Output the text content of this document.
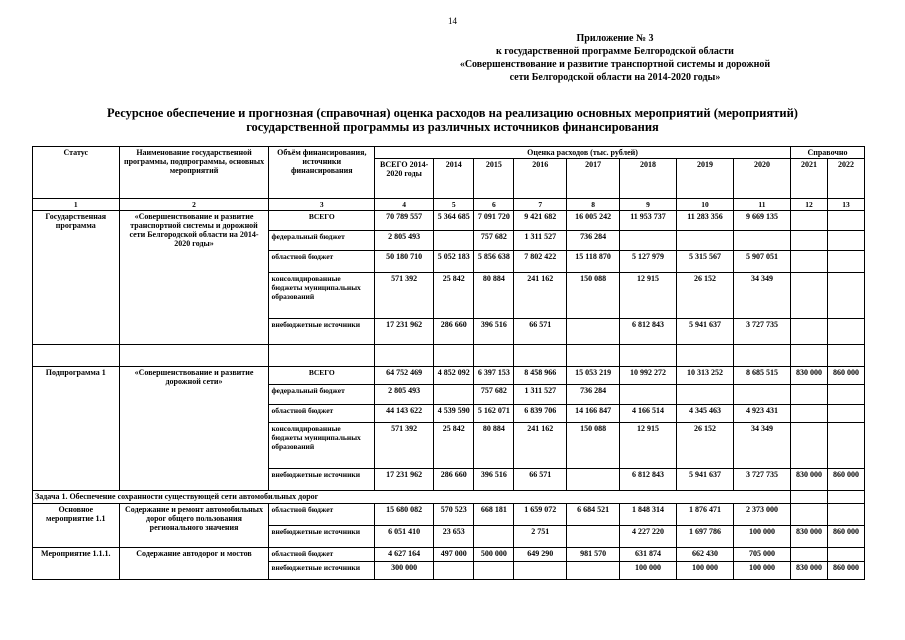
14
Приложение № 3
к государственной программе Белгородской области
«Совершенствование и развитие транспортной системы и дорожной
сети Белгородской области на 2014-2020 годы»
Ресурсное обеспечение и прогнозная (справочная) оценка расходов на реализацию основных мероприятий (мероприятий)
государственной программы из различных источников финансирования
Статус	Наименование государственной программы, подпрограммы, основных мероприятий	Объём финансирования, источники финансирования	Оценка расходов (тыс. рублей)								Справочно	
			ВСЕГО 2014-2020 годы	2014	2015	2016	2017	2018	2019	2020	2021	2022
1	2	3	4	5	6	7	8	9	10	11	12	13
Государственная программа	«Совершенствование и развитие транспортной системы и дорожной сети Белгородской области на 2014-2020 годы»	ВСЕГО	70 789 557	5 364 685	7 091 720	9 421 682	16 005 242	11 953 737	11 283 356	9 669 135		
		федеральный бюджет	2 805 493		757 682	1 311 527	736 284					
		областной бюджет	50 180 710	5 052 183	5 856 638	7 802 422	15 118 870	5 127 979	5 315 567	5 907 051		
		консолидированные бюджеты муниципальных образований	571 392	25 842	80 884	241 162	150 088	12 915	26 152	34 349		
		внебюджетные источники	17 231 962	286 660	396 516	66 571		6 812 843	5 941 637	3 727 735		

Подпрограмма 1	«Совершенствование и развитие дорожной сети»	ВСЕГО	64 752 469	4 852 092	6 397 153	8 458 966	15 053 219	10 992 272	10 313 252	8 685 515	830 000	860 000
		федеральный бюджет	2 805 493		757 682	1 311 527	736 284					
		областной бюджет	44 143 622	4 539 590	5 162 071	6 839 706	14 166 847	4 166 514	4 345 463	4 923 431		
		консолидированные бюджеты муниципальных образований	571 392	25 842	80 884	241 162	150 088	12 915	26 152	34 349		
		внебюджетные источники	17 231 962	286 660	396 516	66 571		6 812 843	5 941 637	3 727 735	830 000	860 000
Задача 1. Обеспечение сохранности существующей сети автомобильных дорог												
Основное мероприятие 1.1	Содержание и ремонт автомобильных дорог общего пользования регионального значения	областной бюджет	15 680 082	570 523	668 181	1 659 072	6 684 521	1 848 314	1 876 471	2 373 000		
		внебюджетные источники	6 051 410	23 653		2 751		4 227 220	1 697 786	100 000	830 000	860 000
Мероприятие 1.1.1.	Содержание автодорог и мостов	областной бюджет	4 627 164	497 000	500 000	649 290	981 570	631 874	662 430	705 000		
		внебюджетные источники	300 000					100 000	100 000	100 000	830 000	860 000
